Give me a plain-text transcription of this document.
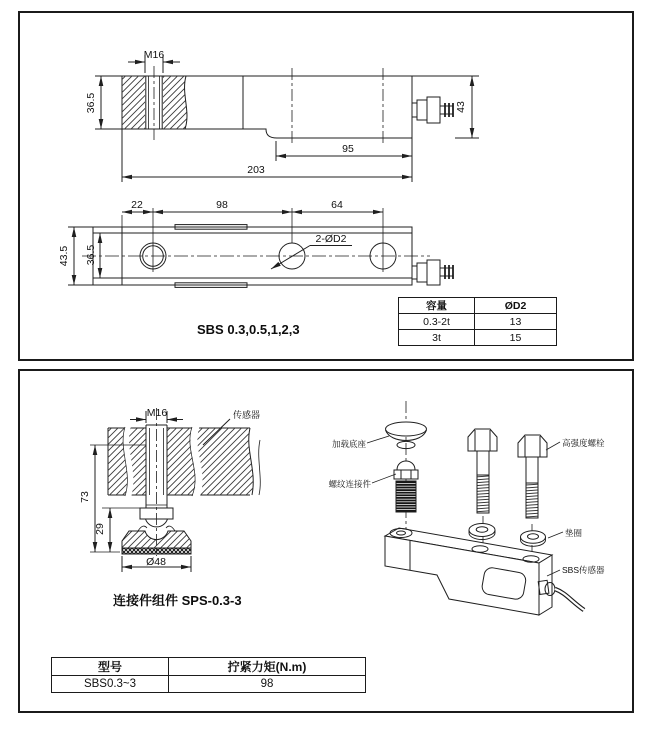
M16
36.5	43
95
203
22	98	64
43.5 36.5
2-ØD2
M16	传感器
73
29
Ø48
加载底座
螺纹连接件
高强度螺栓
垫圈
SBS传感器
SBS 0.3,0.5,1,2,3
连接件组件 SPS-0.3-3
容量	ØD2
0.3-2t	13
3t	15
型号	拧紧力矩(N.m)
SBS0.3~3	98
